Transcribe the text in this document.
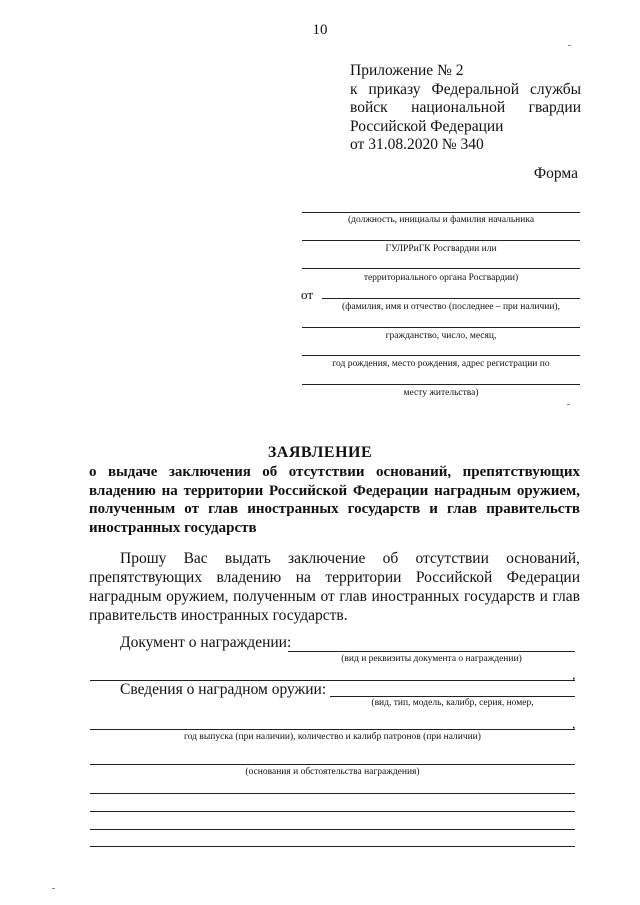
10
Приложение № 2
к приказу Федеральной службы
войск национальной гвардии
Российской Федерации
от 31.08.2020 № 340
Форма
(должность, инициалы и фамилия начальника
ГУЛРРиГК Росгвардии или
территориального органа Росгвардии)
от
(фамилия, имя и отчество (последнее – при наличии),
гражданство, число, месяц,
год рождения, место рождения, адрес регистрации по
месту жительства)
ЗАЯВЛЕНИЕ
о выдаче заключения об отсутствии оснований, препятствующих
владению на территории Российской Федерации наградным оружием,
полученным от глав иностранных государств и глав правительств
иностранных государств
Прошу Вас выдать заключение об отсутствии оснований,
препятствующих владению на территории Российской Федерации
наградным оружием, полученным от глав иностранных государств и глав
правительств иностранных государств.
Документ о награждении:
(вид и реквизиты документа о награждении)
,
Сведения о наградном оружии:
(вид, тип, модель, калибр, серия, номер,
,
год выпуска (при наличии), количество и калибр патронов (при наличии)
(основания и обстоятельства награждения)
